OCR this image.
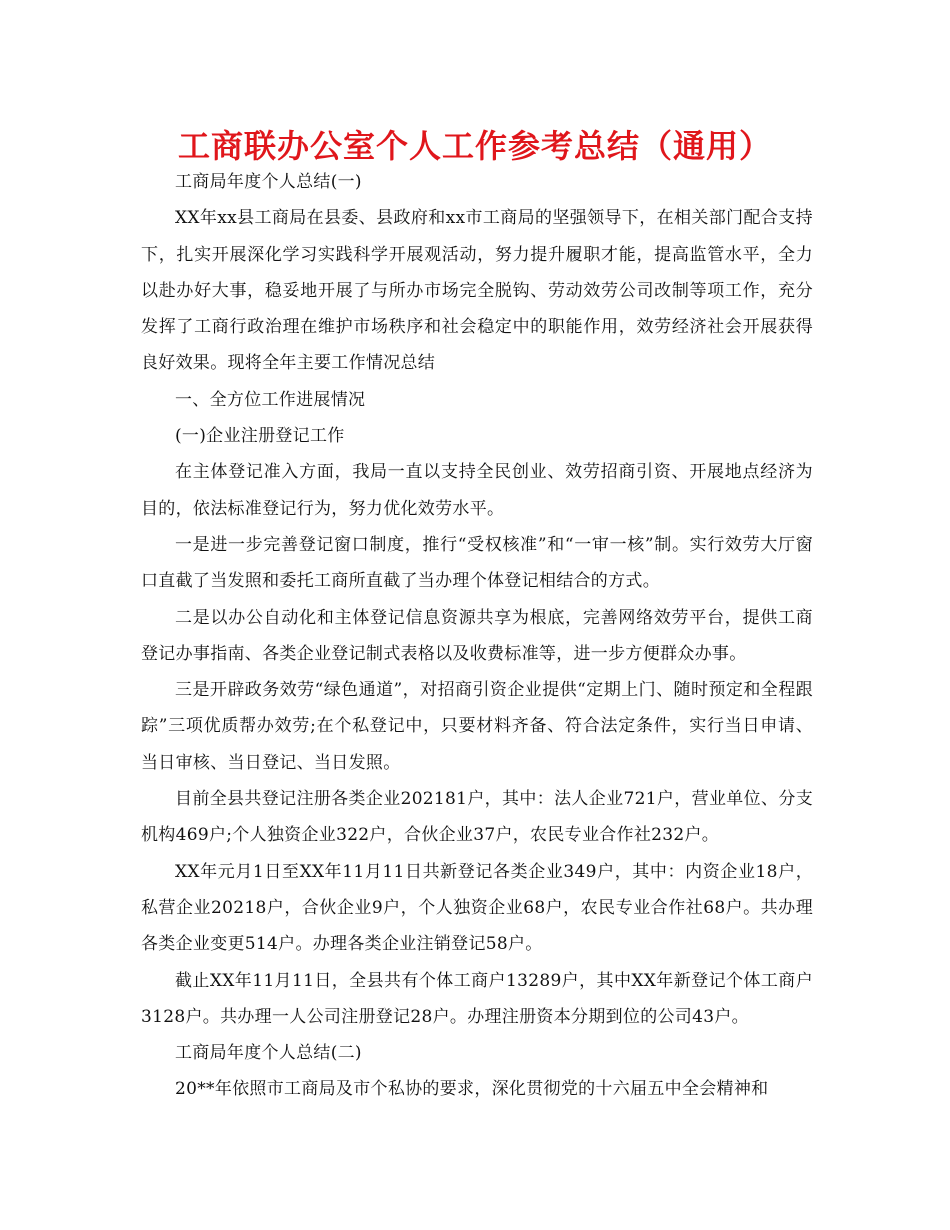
工商联办公室个人工作参考总结（通用）

工商局年度个人总结(一)

XX年xx县工商局在县委、县政府和xx市工商局的坚强领导下，在相关部门配合支持下，扎实开展深化学习实践科学开展观活动，努力提升履职才能，提高监管水平，全力以赴办好大事，稳妥地开展了与所办市场完全脱钩、劳动效劳公司改制等项工作，充分发挥了工商行政治理在维护市场秩序和社会稳定中的职能作用，效劳经济社会开展获得良好效果。现将全年主要工作情况总结

一、全方位工作进展情况

(一)企业注册登记工作

在主体登记准入方面，我局一直以支持全民创业、效劳招商引资、开展地点经济为目的，依法标准登记行为，努力优化效劳水平。

一是进一步完善登记窗口制度，推行“受权核准”和“一审一核”制。实行效劳大厅窗口直截了当发照和委托工商所直截了当办理个体登记相结合的方式。

二是以办公自动化和主体登记信息资源共享为根底，完善网络效劳平台，提供工商登记办事指南、各类企业登记制式表格以及收费标准等，进一步方便群众办事。

三是开辟政务效劳“绿色通道”，对招商引资企业提供“定期上门、随时预定和全程跟踪”三项优质帮办效劳;在个私登记中，只要材料齐备、符合法定条件，实行当日申请、当日审核、当日登记、当日发照。

目前全县共登记注册各类企业202181户，其中：法人企业721户，营业单位、分支机构469户;个人独资企业322户，合伙企业37户，农民专业合作社232户。

XX年元月1日至XX年11月11日共新登记各类企业349户，其中：内资企业18户，私营企业20218户，合伙企业9户，个人独资企业68户，农民专业合作社68户。共办理各类企业变更514户。办理各类企业注销登记58户。

截止XX年11月11日，全县共有个体工商户13289户，其中XX年新登记个体工商户3128户。共办理一人公司注册登记28户。办理注册资本分期到位的公司43户。

工商局年度个人总结(二)

20**年依照市工商局及市个私协的要求，深化贯彻党的十六届五中全会精神和
